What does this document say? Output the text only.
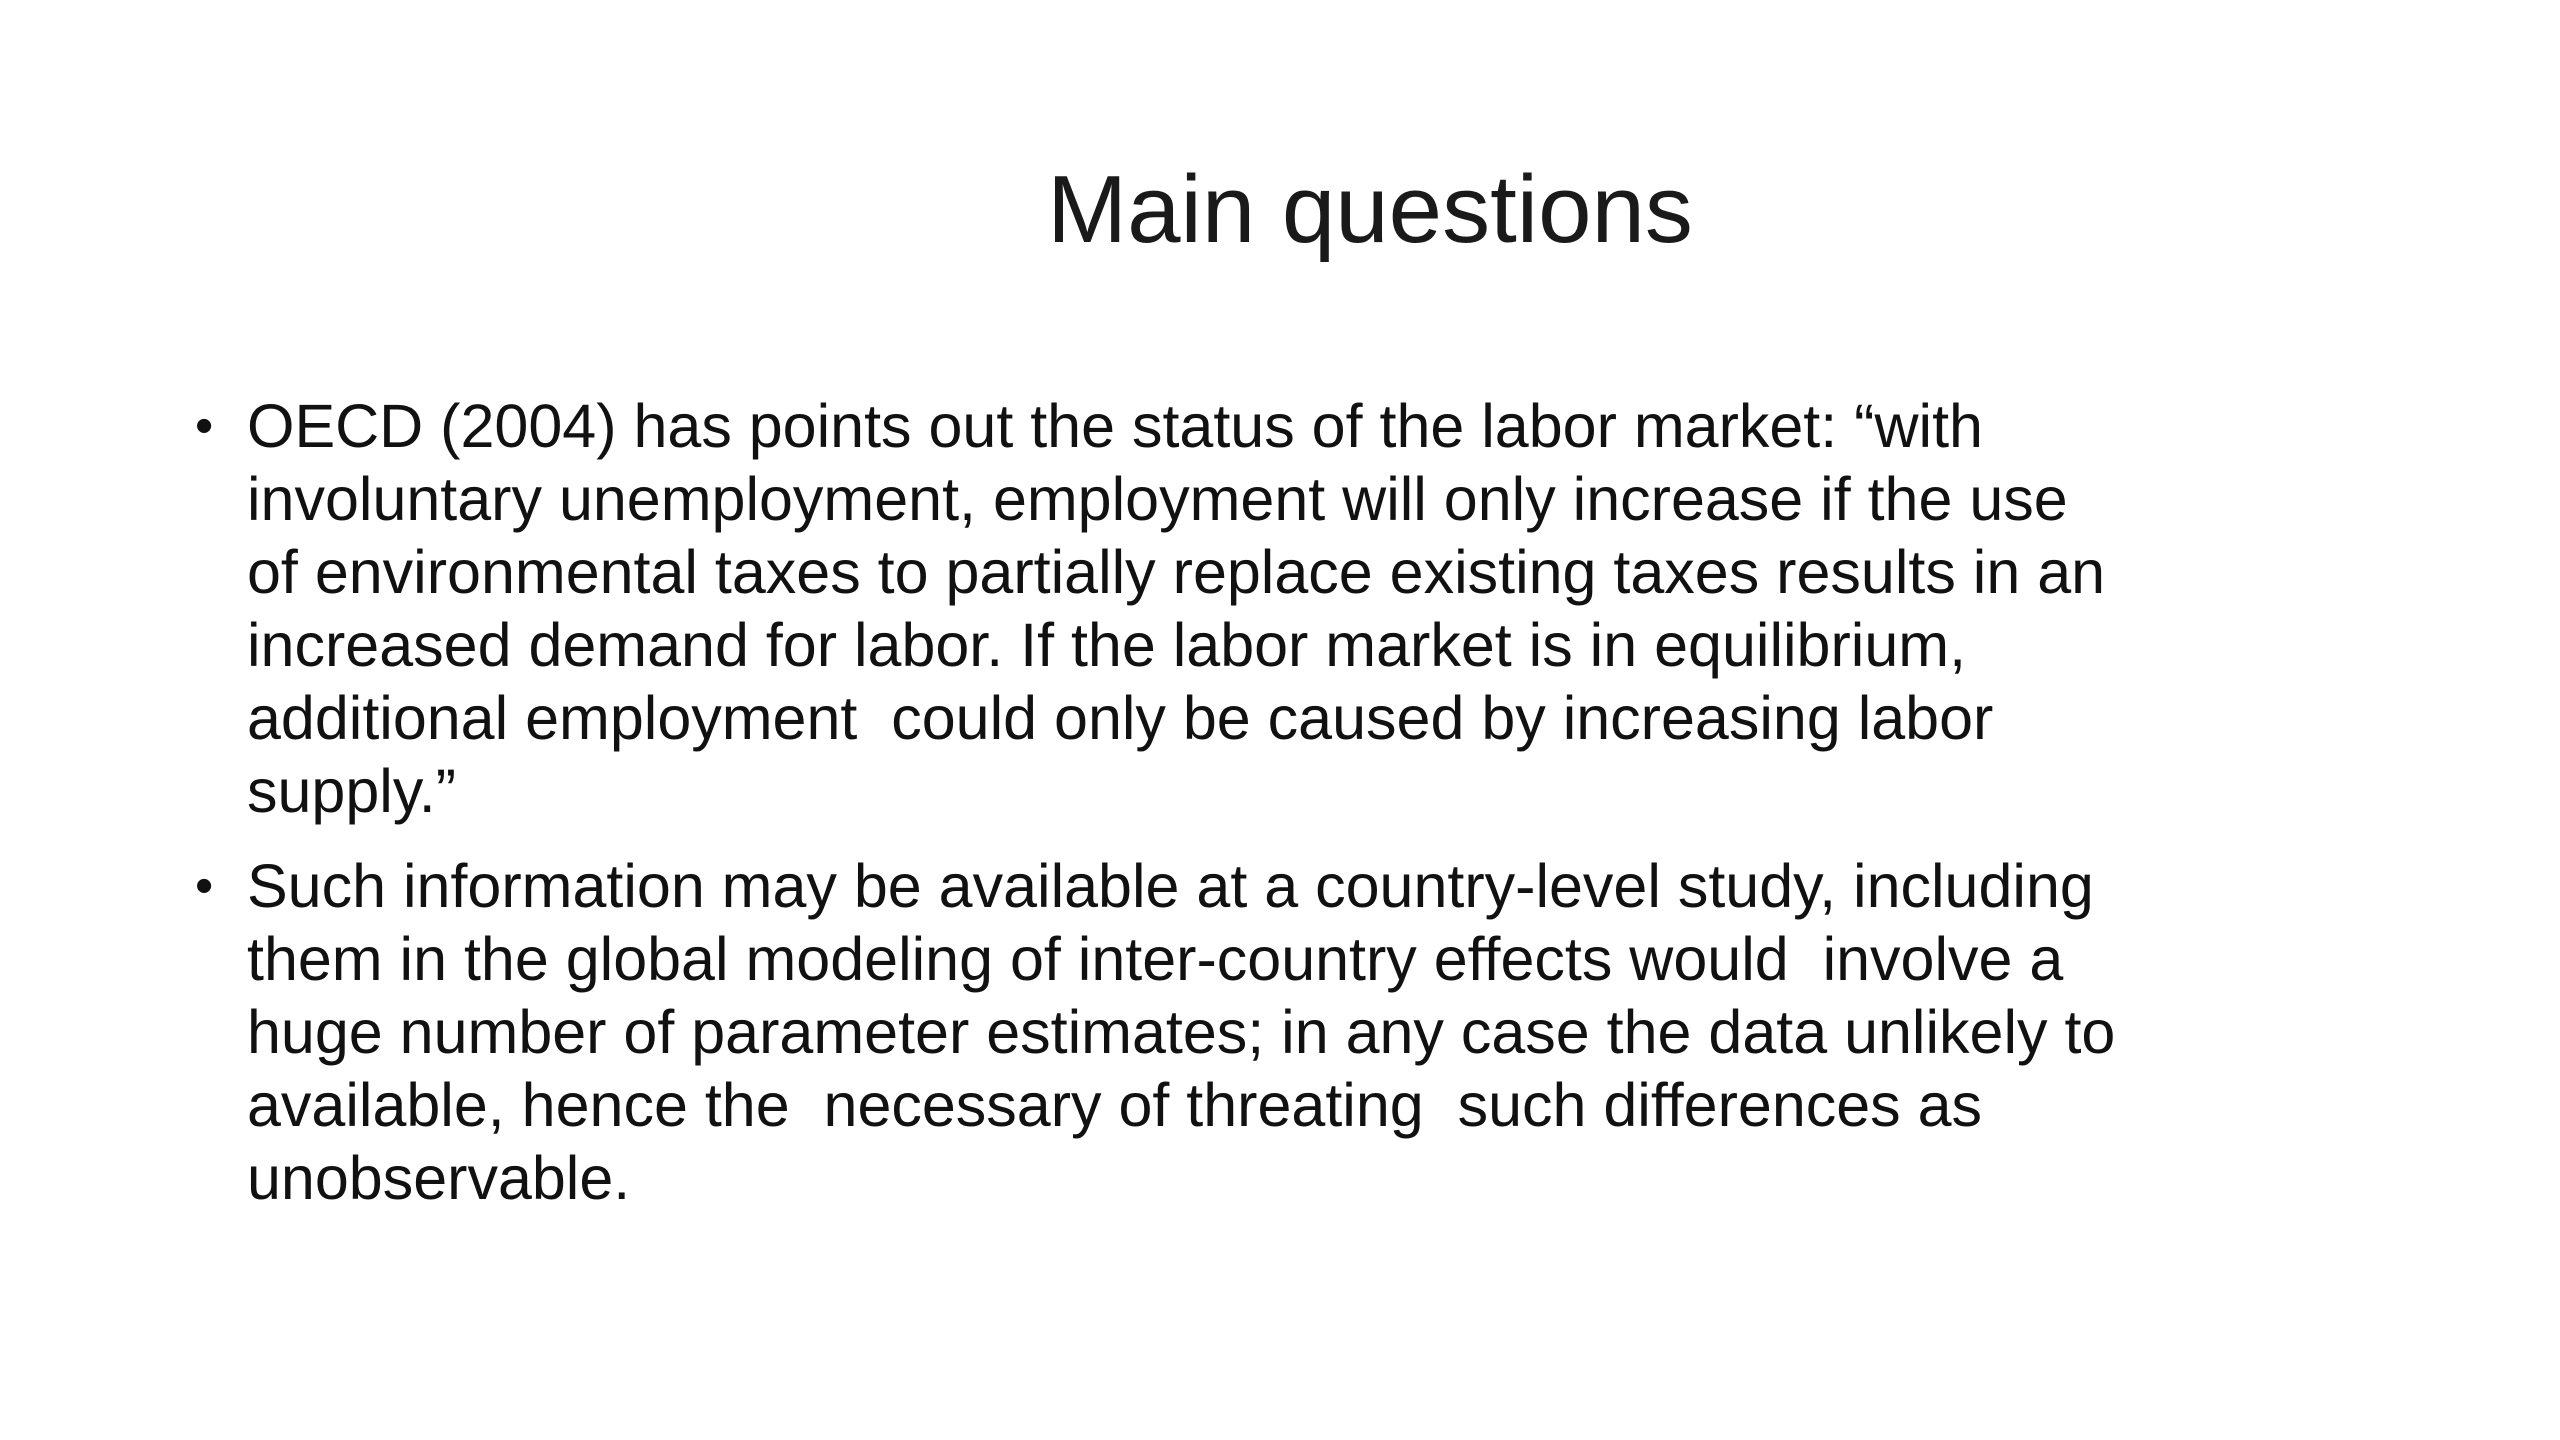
Main questions
• OECD (2004) has points out the status of the labor market: “with
involuntary unemployment, employment will only increase if the use
of environmental taxes to partially replace existing taxes results in an
increased demand for labor. If the labor market is in equilibrium,
additional employment  could only be caused by increasing labor
supply.”
• Such information may be available at a country-level study, including
them in the global modeling of inter-country effects would  involve a
huge number of parameter estimates; in any case the data unlikely to
available, hence the  necessary of threating  such differences as
unobservable.
